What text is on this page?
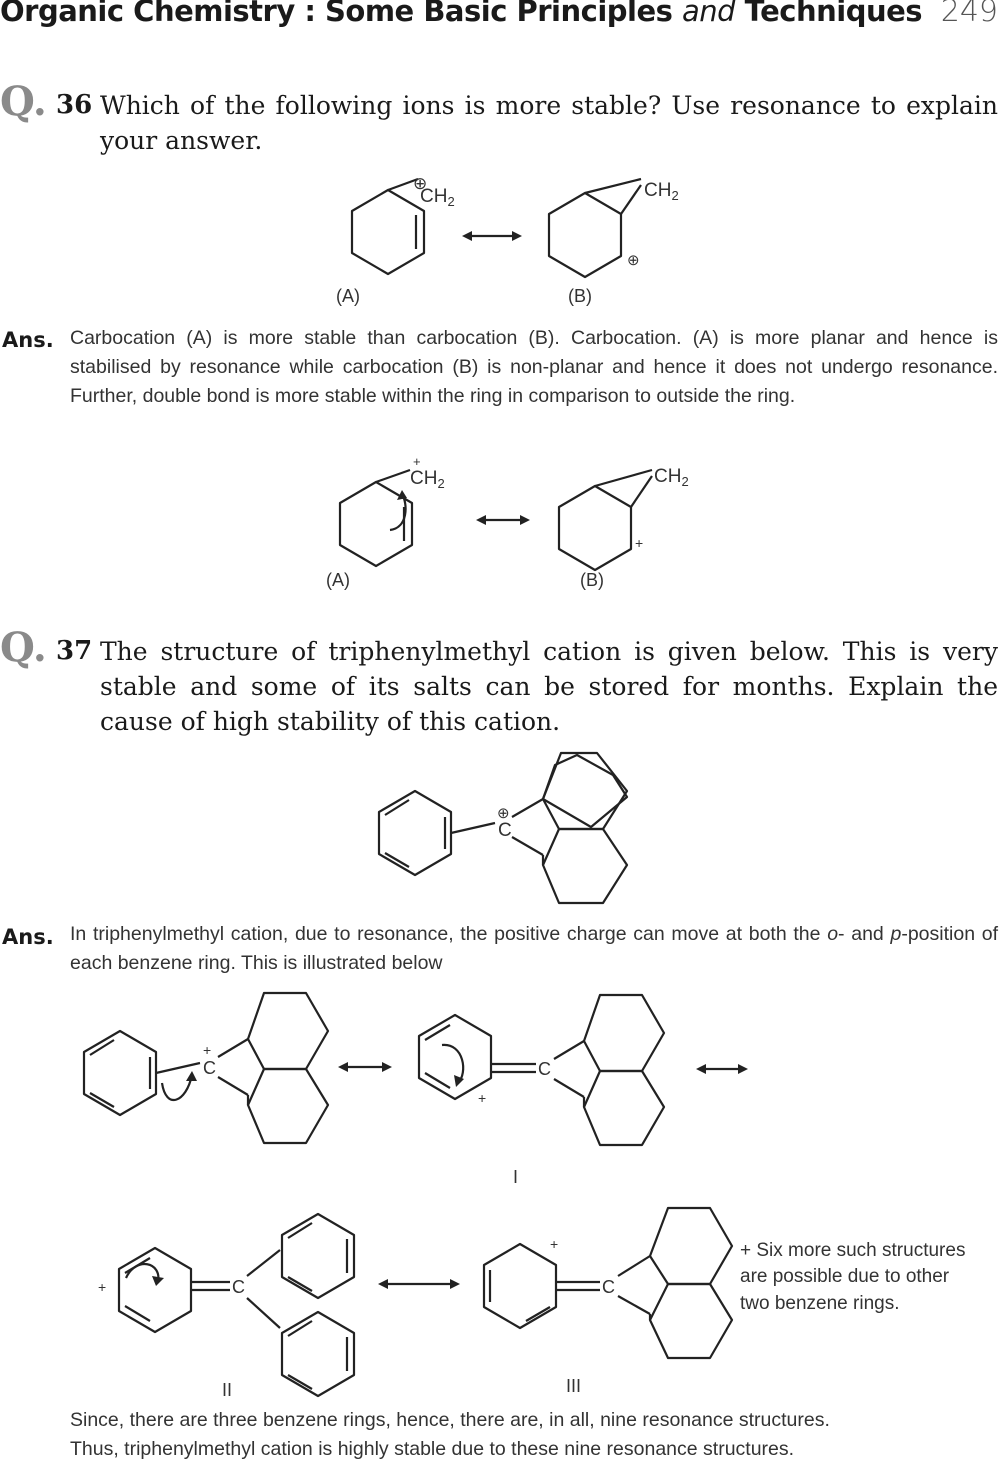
Organic Chemistry : Some Basic Principles and Techniques 249
Q. 36 Which of the following ions is more stable? Use resonance to explain your answer.
⊕
$CH_2$
(A)
$CH_2$
⊕
(B)
Ans. Carbocation (A) is more stable than carbocation (B). Carbocation. (A) is more planar and hence is stabilised by resonance while carbocation (B) is non-planar and hence it does not undergo resonance. Further, double bond is more stable within the ring in comparison to outside the ring.
+
$CH_2$
(A)
$CH_2$
+
(B)
Q. 37 The structure of triphenylmethyl cation is given below. This is very stable and some of its salts can be stored for months. Explain the cause of high stability of this cation.
⊕
C
Ans. In triphenylmethyl cation, due to resonance, the positive charge can move at both the o- and p-position of each benzene ring. This is illustrated below
+
C
+
C
I
+	C
II
+
C
III
+ Six more such structures
are possible due to other
two benzene rings.
Since, there are three benzene rings, hence, there are, in all, nine resonance structures.
Thus, triphenylmethyl cation is highly stable due to these nine resonance structures.
